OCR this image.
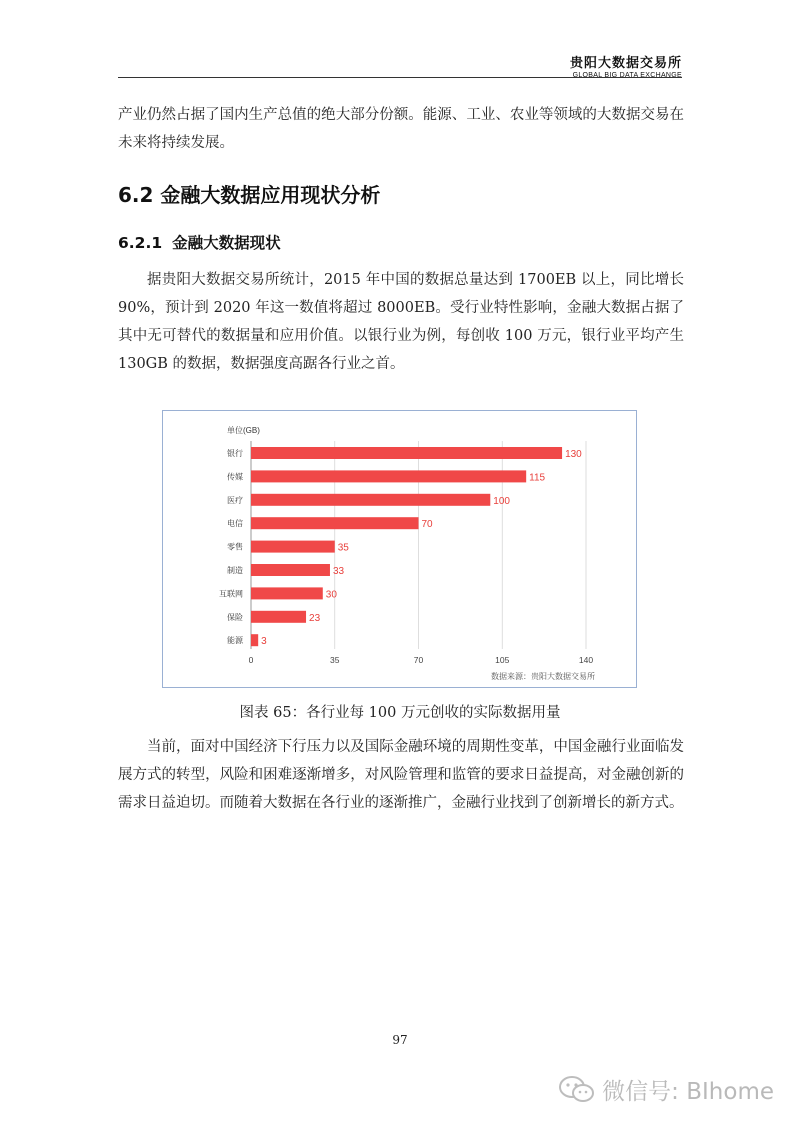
贵阳大数据交易所
GLOBAL BIG DATA EXCHANGE
产业仍然占据了国内生产总值的绝大部分份额。能源、工业、农业等领域的大数据交易在未来将持续发展。
6.2 金融大数据应用现状分析
6.2.1 金融大数据现状
据贵阳大数据交易所统计，2015 年中国的数据总量达到 1700EB 以上，同比增长 90%，预计到 2020 年这一数值将超过 8000EB。受行业特性影响，金融大数据占据了其中无可替代的数据量和应用价值。以银行业为例，每创收 100 万元，银行业平均产生 130GB 的数据，数据强度高踞各行业之首。
单位(GB)
0	35	70	105	140
银行	130
传媒	115
医疗	100
电信	70
零售	35
制造	33
互联网	30
保险	23
能源 3
数据来源：贵阳大数据交易所
图表 65：各行业每 100 万元创收的实际数据用量
当前，面对中国经济下行压力以及国际金融环境的周期性变革，中国金融行业面临发展方式的转型，风险和困难逐渐增多，对风险管理和监管的要求日益提高，对金融创新的需求日益迫切。而随着大数据在各行业的逐渐推广，金融行业找到了创新增长的新方式。
97
微信号: BIhome
